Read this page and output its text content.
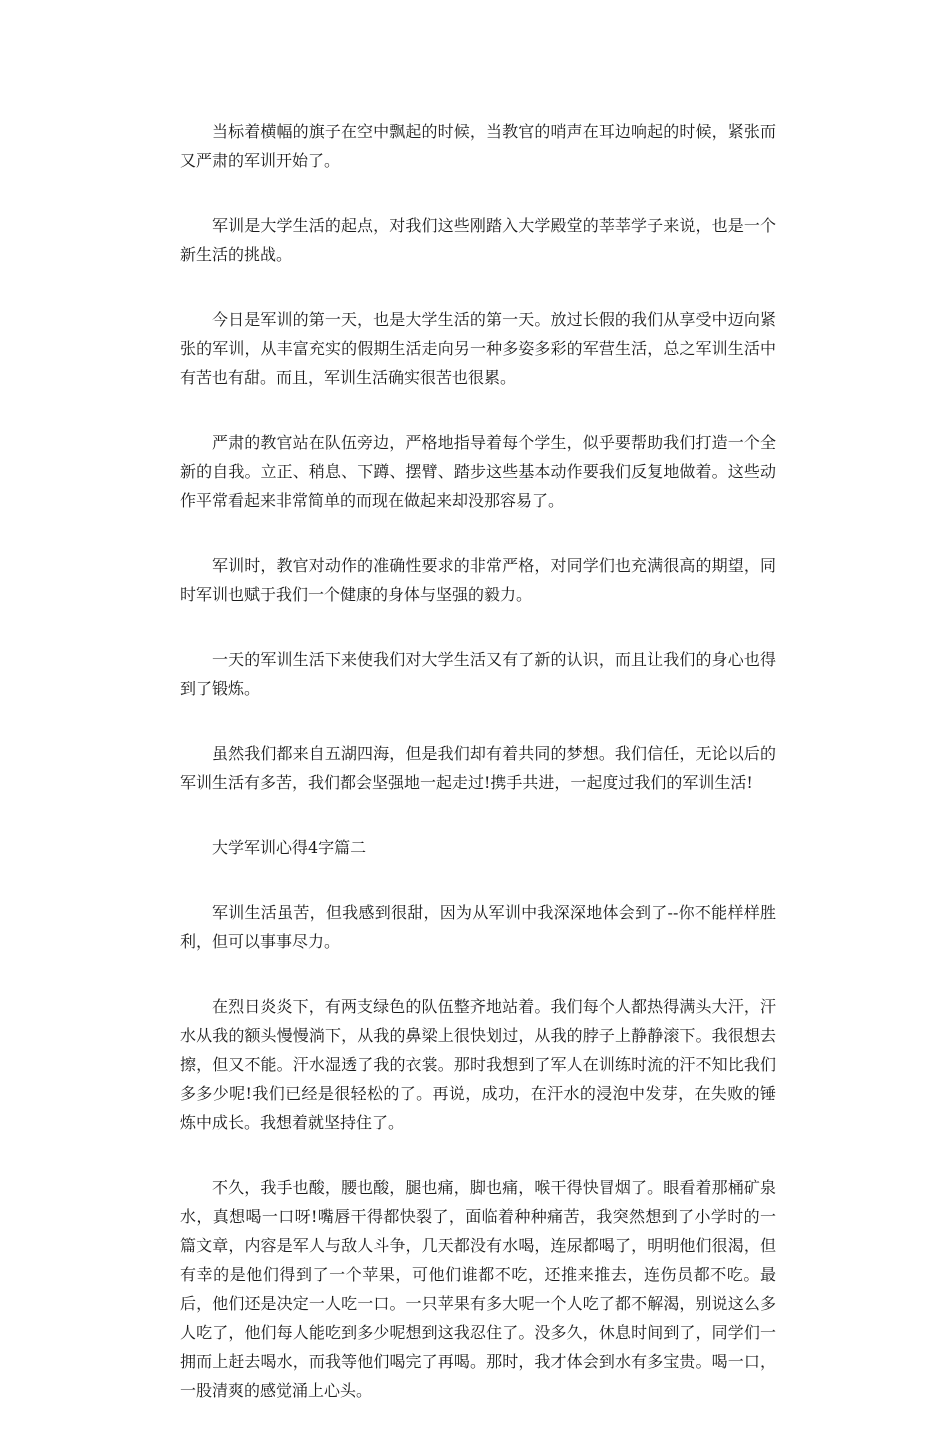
当标着横幅的旗子在空中飘起的时候，当教官的哨声在耳边响起的时候，紧张而又严肃的军训开始了。

军训是大学生活的起点，对我们这些刚踏入大学殿堂的莘莘学子来说，也是一个新生活的挑战。

今日是军训的第一天，也是大学生活的第一天。放过长假的我们从享受中迈向紧张的军训，从丰富充实的假期生活走向另一种多姿多彩的军营生活，总之军训生活中有苦也有甜。而且，军训生活确实很苦也很累。

严肃的教官站在队伍旁边，严格地指导着每个学生，似乎要帮助我们打造一个全新的自我。立正、稍息、下蹲、摆臂、踏步这些基本动作要我们反复地做着。这些动作平常看起来非常简单的而现在做起来却没那容易了。

军训时，教官对动作的准确性要求的非常严格，对同学们也充满很高的期望，同时军训也赋于我们一个健康的身体与坚强的毅力。

一天的军训生活下来使我们对大学生活又有了新的认识，而且让我们的身心也得到了锻炼。

虽然我们都来自五湖四海，但是我们却有着共同的梦想。我们信任，无论以后的军训生活有多苦，我们都会坚强地一起走过!携手共进，一起度过我们的军训生活!

大学军训心得4字篇二

军训生活虽苦，但我感到很甜，因为从军训中我深深地体会到了--你不能样样胜利，但可以事事尽力。

在烈日炎炎下，有两支绿色的队伍整齐地站着。我们每个人都热得满头大汗，汗水从我的额头慢慢淌下，从我的鼻梁上很快划过，从我的脖子上静静滚下。我很想去擦，但又不能。汗水湿透了我的衣裳。那时我想到了军人在训练时流的汗不知比我们多多少呢!我们已经是很轻松的了。再说，成功，在汗水的浸泡中发芽，在失败的锤炼中成长。我想着就坚持住了。

不久，我手也酸，腰也酸，腿也痛，脚也痛，喉干得快冒烟了。眼看着那桶矿泉水，真想喝一口呀!嘴唇干得都快裂了，面临着种种痛苦，我突然想到了小学时的一篇文章，内容是军人与敌人斗争，几天都没有水喝，连尿都喝了，明明他们很渴，但有幸的是他们得到了一个苹果，可他们谁都不吃，还推来推去，连伤员都不吃。最后，他们还是决定一人吃一口。一只苹果有多大呢一个人吃了都不解渴，别说这么多人吃了，他们每人能吃到多少呢想到这我忍住了。没多久，休息时间到了，同学们一拥而上赶去喝水，而我等他们喝完了再喝。那时，我才体会到水有多宝贵。喝一口，一股清爽的感觉涌上心头。
